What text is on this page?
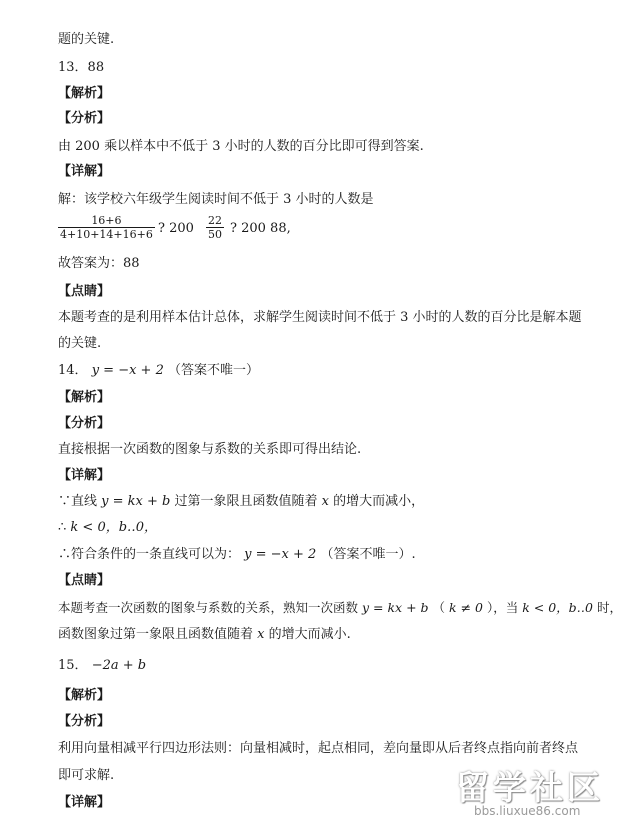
题的关键.
13．88
【解析】
【分析】
由 200 乘以样本中不低于 3 小时的人数的百分比即可得到答案.
【详解】
解：该学校六年级学生阅读时间不低于 3 小时的人数是
$\frac{16+6}{4+10+14+16+6}$ ? $200 \frac{22}{50}$ ? 200 88,
故答案为：88
【点睛】
本题考查的是利用样本估计总体，求解学生阅读时间不低于 3 小时的人数的百分比是解本题
的关键.
14． y = −x + 2 （答案不唯一）
【解析】
【分析】
直接根据一次函数的图象与系数的关系即可得出结论.
【详解】
∵直线 y = kx + b 过第一象限且函数值随着 x 的增大而减小，
∴ k < 0，b‥0，
∴符合条件的一条直线可以为： y = −x + 2 （答案不唯一）.
【点睛】
本题考查一次函数的图象与系数的关系，熟知一次函数 y = kx + b （ k ≠ 0 ），当 k < 0，b‥0 时，
函数图象过第一象限且函数值随着 x 的增大而减小.
15． −2a + b
【解析】
【分析】
利用向量相减平行四边形法则：向量相减时，起点相同，差向量即从后者终点指向前者终点
即可求解.
【详解】	留学社区
bbs.liuxue86.com
